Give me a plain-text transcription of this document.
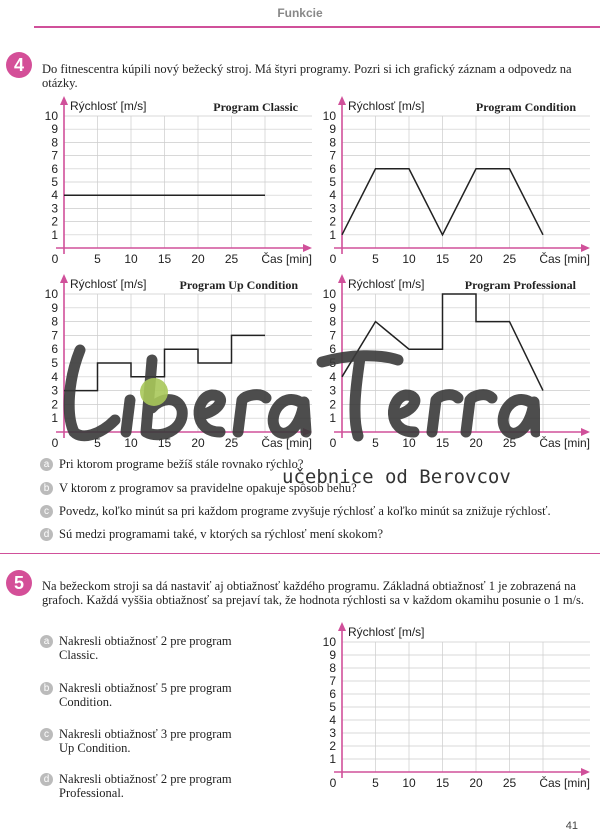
Funkcie
4	Do fitnescentra kúpili nový bežecký stroj. Má štyri programy. Pozri si ich grafický záznam a odpovedz na otázky.
1
2
3
4
5
6
7
8
9
10
0	5 10 15 20 25
Rýchlosť [m/s]
Čas [min]
Program Classic
1
2
3
4
5
6
7
8
9
10
0	5 10 15 20 25
Rýchlosť [m/s]
Čas [min]
Program Condition
1
2
3
4
5
6
7
8
9
10
0	5 10 15 20 25
Rýchlosť [m/s]
Čas [min]
Program Up Condition
1
2
3
4
5
6
7
8
9
10
0	5 10 15 20 25
Rýchlosť [m/s]
Čas [min]
Program Professional
1
2
3
4
5
6
7
8
9
10
0	5 10 15 20 25
Rýchlosť [m/s]
Čas [min]
a Pri ktorom programe bežíš stále rovnako rýchlo?
b V ktorom z programov sa pravidelne opakuje spôsob behu?
c Povedz, koľko minút sa pri každom programe zvyšuje rýchlosť a koľko minút sa znižuje rýchlosť.
d Sú medzi programami také, v ktorých sa rýchlosť mení skokom?
5	Na bežeckom stroji sa dá nastaviť aj obtiažnosť každého programu. Základná obtiažnosť 1 je zobrazená na grafoch. Každá vyššia obtiažnosť sa prejaví tak, že hodnota rýchlosti sa v každom okamihu posunie o 1 m/s.
a Nakresli obtiažnosť 2 pre program Classic.
b Nakresli obtiažnosť 5 pre program Condition.
c Nakresli obtiažnosť 3 pre program Up Condition.
d Nakresli obtiažnosť 2 pre program Professional.
LiberaTerra
učebnice od Berovcov
41
